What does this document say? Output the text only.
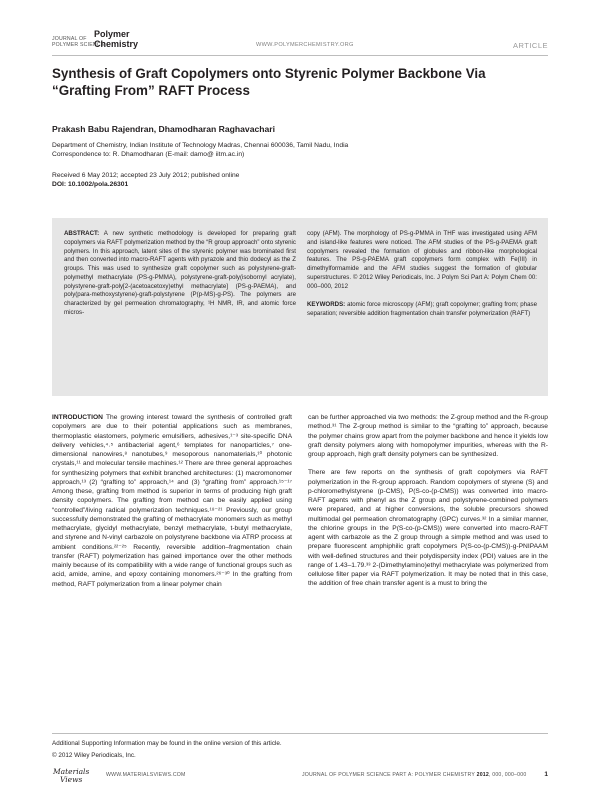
JOURNAL OF
POLYMER SCIENCE
Polymer
Chemistry	WWW.POLYMERCHEMISTRY.ORG	ARTICLE
Synthesis of Graft Copolymers onto Styrenic Polymer Backbone Via “Grafting From” RAFT Process
Prakash Babu Rajendran, Dhamodharan Raghavachari
Department of Chemistry, Indian Institute of Technology Madras, Chennai 600036, Tamil Nadu, India
Correspondence to: R. Dhamodharan (E-mail: damo@ iitm.ac.in)
Received 6 May 2012; accepted 23 July 2012; published online
DOI: 10.1002/pola.26301
ABSTRACT: A new synthetic methodology is developed for preparing graft copolymers via RAFT polymerization method by the “R group approach” onto styrenic polymers. In this approach, latent sites of the styrenic polymer was brominated first and then converted into macro-RAFT agents with pyrazole and thio dodecyl as the Z groups. This was used to synthesize graft copolymer such as polystyrene-graft-polymethyl methacrylate (PS-g-PMMA), polystyrene-graft-poly(isobornyl acrylate), polystyrene-graft-poly[2-(acetoacetoxy)ethyl methacrylate] (PS-g-PAEMA), and poly(para-methoxystyrene)-graft-polystyrene (P(p-MS)-g-PS). The polymers are characterized by gel permeation chromatography, ¹H NMR, IR, and atomic force micros-
copy (AFM). The morphology of PS-g-PMMA in THF was investigated using AFM and island-like features were noticed. The AFM studies of the PS-g-PAEMA graft copolymers revealed the formation of globules and ribbon-like morphological features. The PS-g-PAEMA graft copolymers form complex with Fe(III) in dimethylformamide and the AFM studies suggest the formation of globular superstructures. © 2012 Wiley Periodicals, Inc. J Polym Sci Part A: Polym Chem 00: 000–000, 2012
KEYWORDS: atomic force microscopy (AFM); graft copolymer; grafting from; phase separation; reversible addition fragmentation chain transfer polymerization (RAFT)

INTRODUCTION The growing interest toward the synthesis of controlled graft copolymers are due to their potential applications such as membranes, thermoplastic elastomers, polymeric emulsifiers, adhesives,¹⁻³ site-specific DNA delivery vehicles,⁴˒⁵ antibacterial agent,⁶ templates for nanoparticles,⁷ one-dimensional nanowires,⁸ nanotubes,⁹ mesoporous nanomaterials,¹⁰ photonic crystals,¹¹ and molecular tensile machines.¹² There are three general approaches for synthesizing polymers that exhibit branched architectures: (1) macromonomer approach,¹³ (2) “grafting to” approach,¹⁴ and (3) “grafting from” approach.¹⁵⁻¹⁷ Among these, grafting from method is superior in terms of producing high graft density copolymers. The grafting from method can be easily applied using “controlled”/living radical polymerization techniques.¹⁸⁻²¹ Previously, our group successfully demonstrated the grafting of methacrylate monomers such as methyl methacrylate, glycidyl methacrylate, benzyl methacrylate, t-butyl methacrylate, and styrene and N-vinyl carbazole on polystyrene backbone via ATRP process at ambient conditions.²²⁻²⁵ Recently, reversible addition–fragmentation chain transfer (RAFT) polymerization has gained importance over the other methods mainly because of its compatibility with a wide range of functional groups such as acid, amide, amine, and epoxy containing monomers.²⁶⁻³⁰ In the grafting from method, RAFT polymerization from a linear polymer chain

can be further approached via two methods: the Z-group method and the R-group method.³¹ The Z-group method is similar to the “grafting to” approach, because the polymer chains grow apart from the polymer backbone and hence it yields low graft density polymers along with homopolymer impurities, whereas with the R-group approach, high graft density polymers can be synthesized.

There are few reports on the synthesis of graft copolymers via RAFT polymerization in the R-group approach. Random copolymers of styrene (S) and p-chloromethylstyrene (p-CMS), P(S-co-(p-CMS)) was converted into macro-RAFT agents with phenyl as the Z group and polystyrene-combined polymers were prepared, and at higher conversions, the soluble precursors showed multimodal gel permeation chromatography (GPC) curves.³² In a similar manner, the chlorine groups in the P(S-co-(p-CMS)) were converted into macro-RAFT agent with carbazole as the Z group through a simple method and was used to prepare fluorescent amphiphilic graft copolymers P(S-co-(p-CMS))-g-PNIPAAM with well-defined structures and their polydispersity index (PDI) values are in the range of 1.43–1.79.³³ 2-(Dimethylamino)ethyl methacrylate was polymerized from cellulose filter paper via RAFT polymerization. It may be noted that in this case, the addition of free chain transfer agent is a must to bring the

Additional Supporting Information may be found in the online version of this article.
© 2012 Wiley Periodicals, Inc.
Materials
Views	WWW.MATERIALSVIEWS.COM	JOURNAL OF POLYMER SCIENCE PART A: POLYMER CHEMISTRY 2012, 000, 000–000	1
